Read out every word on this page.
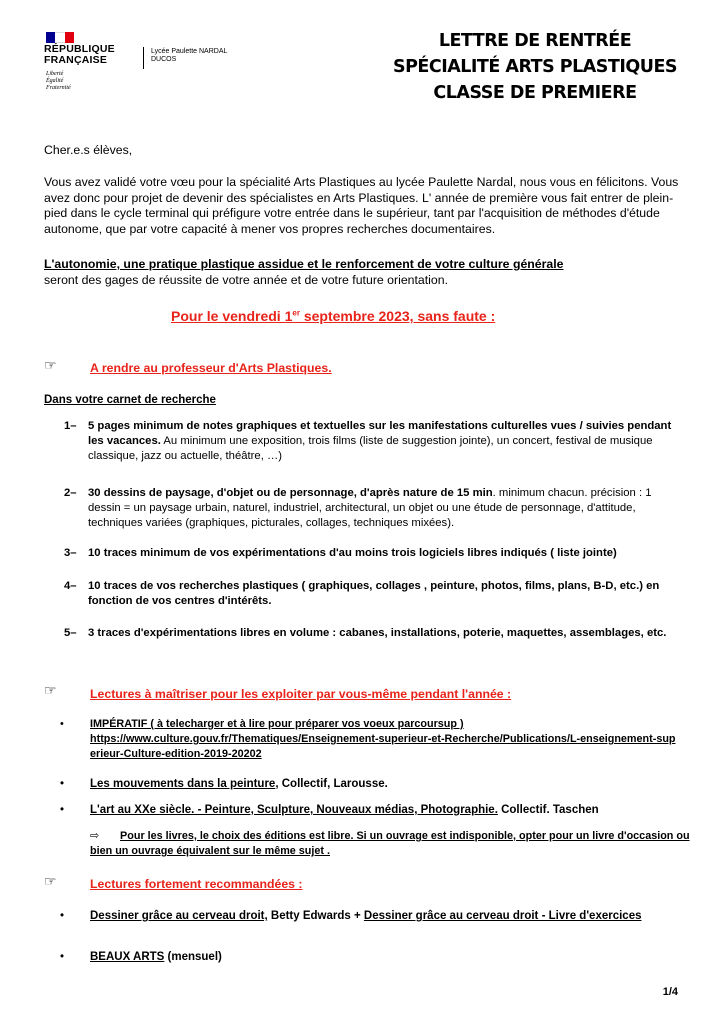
RÉPUBLIQUE
FRANÇAISE
Liberté
Égalité
Fraternité
Lycée Paulette NARDAL
DUCOS
LETTRE DE RENTRÉE
SPÉCIALITÉ ARTS PLASTIQUES
CLASSE DE PREMIERE
Cher.e.s élèves,
Vous avez validé votre vœu pour la spécialité Arts Plastiques au lycée Paulette Nardal, nous vous en félicitons. Vous avez donc pour projet de devenir des spécialistes en Arts Plastiques. L' année de première vous fait entrer de plein-pied dans le cycle terminal qui préfigure votre entrée dans le supérieur, tant par l'acquisition de méthodes d'étude autonome, que par votre capacité à mener vos propres recherches documentaires.
L'autonomie, une pratique plastique assidue et le renforcement de votre culture générale
seront des gages de réussite de votre année et de votre future orientation.
Pour le vendredi 1er septembre 2023, sans faute :
☞	A rendre au professeur d'Arts Plastiques.
Dans votre carnet de recherche
1– 5 pages minimum de notes graphiques et textuelles sur les manifestations culturelles vues / suivies pendant les vacances. Au minimum une exposition, trois films (liste de suggestion jointe), un concert, festival de musique classique, jazz ou actuelle, théâtre, …)
2– 30 dessins de paysage, d'objet ou de personnage, d'après nature de 15 min. minimum chacun. précision : 1 dessin = un paysage urbain, naturel, industriel, architectural, un objet ou une étude de personnage, d'attitude, techniques variées (graphiques, picturales, collages, techniques mixées).
3– 10 traces minimum de vos expérimentations d'au moins trois logiciels libres indiqués ( liste jointe)
4– 10 traces de vos recherches plastiques ( graphiques, collages , peinture, photos, films, plans, B-D, etc.) en fonction de vos centres d'intérêts.
5– 3 traces d'expérimentations libres en volume : cabanes, installations, poterie, maquettes, assemblages, etc.
☞	Lectures à maîtriser pour les exploiter par vous-même pendant l'année :
• IMPÉRATIF ( à telecharger et à lire pour préparer vos voeux parcoursup )
https://www.culture.gouv.fr/Thematiques/Enseignement-superieur-et-Recherche/Publications/L-enseignement-superieur-Culture-edition-2019-20202
• Les mouvements dans la peinture, Collectif, Larousse.
• L'art au XXe siècle. - Peinture, Sculpture, Nouveaux médias, Photographie. Collectif. Taschen
⇨ Pour les livres, le choix des éditions est libre. Si un ouvrage est indisponible, opter pour un livre d'occasion ou bien un ouvrage équivalent sur le même sujet .
☞	Lectures fortement recommandées :
• Dessiner grâce au cerveau droit, Betty Edwards + Dessiner grâce au cerveau droit - Livre d'exercices
• BEAUX ARTS (mensuel)
1/4
